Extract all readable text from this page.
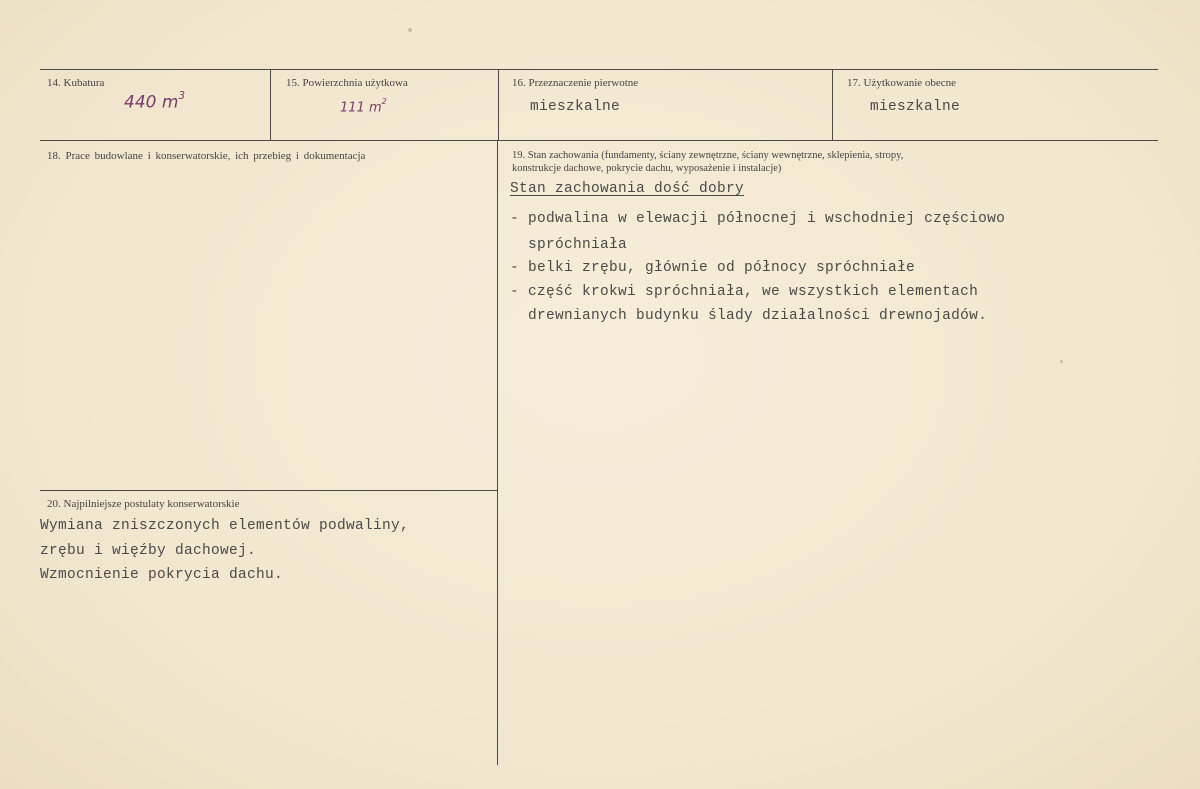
14. Kubatura
440 $m^3$
15. Powierzchnia użytkowa
111 $m^2$
16. Przeznaczenie pierwotne
mieszkalne
17. Użytkowanie obecne
mieszkalne
18. Prace budowlane i konserwatorskie, ich przebieg i dokumentacja	19. Stan zachowania (fundamenty, ściany zewnętrzne, ściany wewnętrzne, sklepienia, stropy,
konstrukcje dachowe, pokrycie dachu, wyposażenie i instalacje)
Stan zachowania dość dobry
- podwalina w elewacji północnej i wschodniej częściowo
spróchniała
- belki zrębu, głównie od północy spróchniałe
- część krokwi spróchniała, we wszystkich elementach
drewnianych budynku ślady działalności drewnojadów.
20. Najpilniejsze postulaty konserwatorskie
Wymiana zniszczonych elementów podwaliny,
zrębu i więźby dachowej.
Wzmocnienie pokrycia dachu.
